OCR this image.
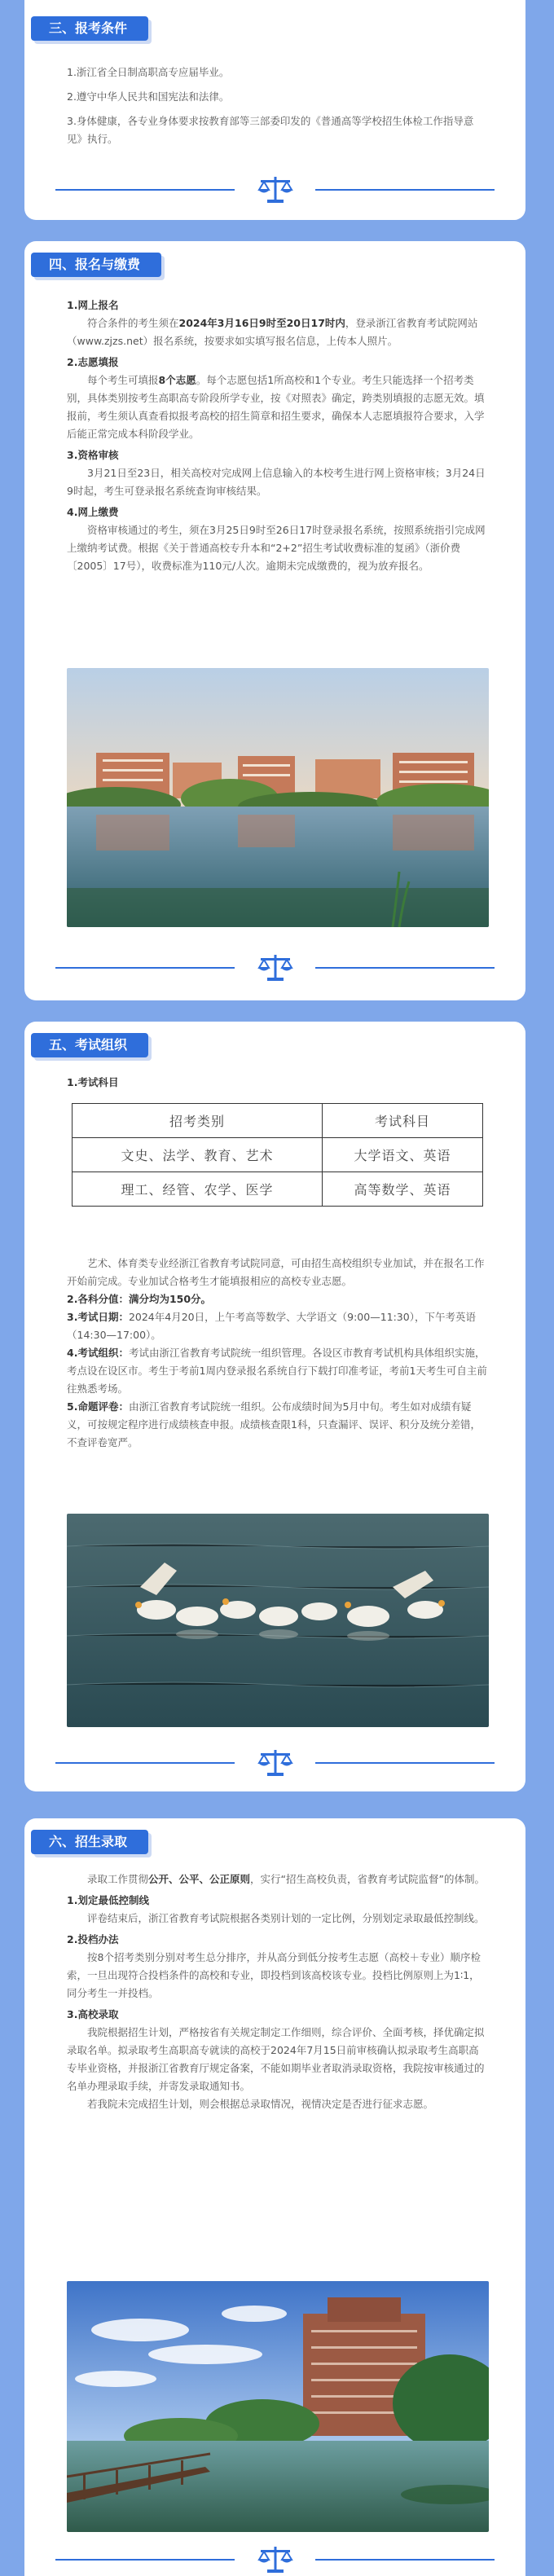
三、报考条件

1.浙江省全日制高职高专应届毕业。

2.遵守中华人民共和国宪法和法律。

3.身体健康，各专业身体要求按教育部等三部委印发的《普通高等学校招生体检工作指导意见》执行。

四、报名与缴费

1.网上报名

符合条件的考生须在2024年3月16日9时至20日17时内，登录浙江省教育考试院网站（www.zjzs.net）报名系统，按要求如实填写报名信息，上传本人照片。

2.志愿填报

每个考生可填报8个志愿。每个志愿包括1所高校和1个专业。考生只能选择一个招考类别，具体类别按考生高职高专阶段所学专业，按《对照表》确定，跨类别填报的志愿无效。填报前，考生须认真查看拟报考高校的招生简章和招生要求，确保本人志愿填报符合要求，入学后能正常完成本科阶段学业。

3.资格审核

3月21日至23日，相关高校对完成网上信息输入的本校考生进行网上资格审核；3月24日9时起，考生可登录报名系统查询审核结果。

4.网上缴费

资格审核通过的考生，须在3月25日9时至26日17时登录报名系统，按照系统指引完成网上缴纳考试费。根据《关于普通高校专升本和“2+2”招生考试收费标准的复函》（浙价费〔2005〕17号），收费标准为110元/人次。逾期未完成缴费的，视为放弃报名。

五、考试组织

1.考试科目

招考类别	考试科目
文史、法学、教育、艺术	大学语文、英语
理工、经管、农学、医学	高等数学、英语

艺术、体育类专业经浙江省教育考试院同意，可由招生高校组织专业加试，并在报名工作开始前完成。专业加试合格考生才能填报相应的高校专业志愿。

2.各科分值：满分均为150分。

3.考试日期：2024年4月20日，上午考高等数学、大学语文（9:00—11:30），下午考英语（14:30—17:00）。

4.考试组织：考试由浙江省教育考试院统一组织管理。各设区市教育考试机构具体组织实施，考点设在设区市。考生于考前1周内登录报名系统自行下载打印准考证，考前1天考生可自主前往熟悉考场。

5.命题评卷：由浙江省教育考试院统一组织。公布成绩时间为5月中旬。考生如对成绩有疑义，可按规定程序进行成绩核查申报。成绩核查限1科，只查漏评、误评、积分及统分差错，不查评卷宽严。

六、招生录取

录取工作贯彻公开、公平、公正原则，实行“招生高校负责，省教育考试院监督”的体制。

1.划定最低控制线

评卷结束后，浙江省教育考试院根据各类别计划的一定比例，分别划定录取最低控制线。

2.投档办法

按8个招考类别分别对考生总分排序，并从高分到低分按考生志愿（高校＋专业）顺序检索，一旦出现符合投档条件的高校和专业，即投档到该高校该专业。投档比例原则上为1∶1，同分考生一并投档。

3.高校录取

我院根据招生计划，严格按省有关规定制定工作细则，综合评价、全面考核，择优确定拟录取名单。拟录取考生高职高专就读的高校于2024年7月15日前审核确认拟录取考生高职高专毕业资格，并报浙江省教育厅规定备案，不能如期毕业者取消录取资格，我院按审核通过的名单办理录取手续，并寄发录取通知书。

若我院未完成招生计划，则会根据总录取情况，视情决定是否进行征求志愿。
